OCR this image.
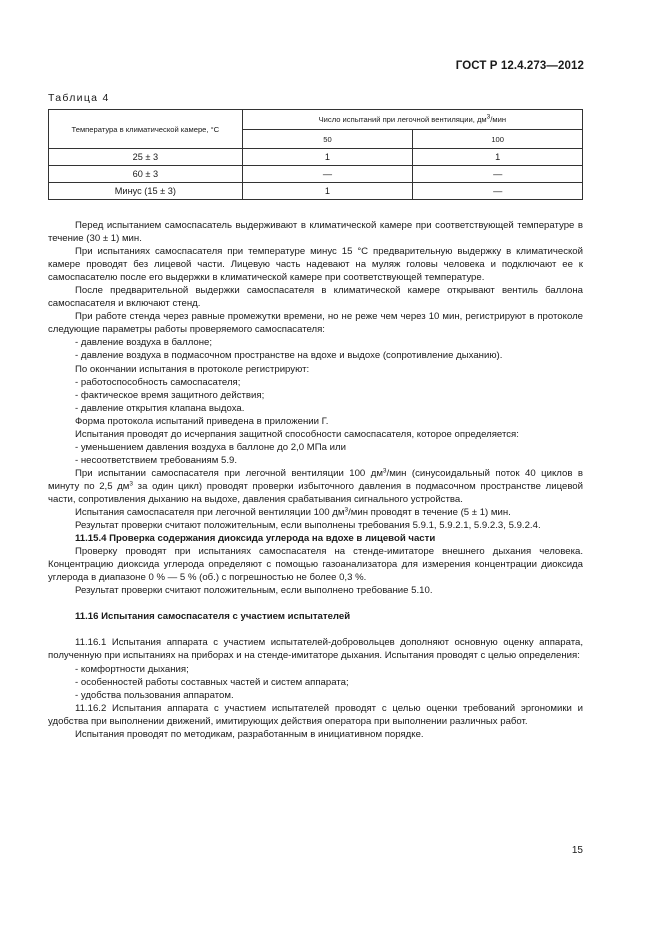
ГОСТ Р 12.4.273—2012
Таблица 4
Температура в климатической камере, °С	Число испытаний при легочной вентиляции, $дм^3$/мин	
	50	100
25 ± 3	1	1
60 ± 3	—	—
Минус (15 ± 3)	1	—

Перед испытанием самоспасатель выдерживают в климатической камере при соответствующей температуре в течение (30 ± 1) мин.

При испытаниях самоспасателя при температуре минус 15 °С предварительную выдержку в климатической камере проводят без лицевой части. Лицевую часть надевают на муляж головы человека и подключают ее к самоспасателю после его выдержки в климатической камере при соответствующей температуре.

После предварительной выдержки самоспасателя в климатической камере открывают вентиль баллона самоспасателя и включают стенд.

При работе стенда через равные промежутки времени, но не реже чем через 10 мин, регистрируют в протоколе следующие параметры работы проверяемого самоспасателя:

- давление воздуха в баллоне;

- давление воздуха в подмасочном пространстве на вдохе и выдохе (сопротивление дыханию).

По окончании испытания в протоколе регистрируют:

- работоспособность самоспасателя;

- фактическое время защитного действия;

- давление открытия клапана выдоха.

Форма протокола испытаний приведена в приложении Г.

Испытания проводят до исчерпания защитной способности самоспасателя, которое определяется:

- уменьшением давления воздуха в баллоне до 2,0 МПа или

- несоответствием требованиям 5.9.

При испытании самоспасателя при легочной вентиляции 100 $дм^3$/мин (синусоидальный поток 40 циклов в минуту по 2,5 $дм^3$ за один цикл) проводят проверки избыточного давления в подмасочном пространстве лицевой части, сопротивления дыханию на выдохе, давления срабатывания сигнального устройства.

Испытания самоспасателя при легочной вентиляции 100 $дм^3$/мин проводят в течение (5 ± 1) мин.

Результат проверки считают положительным, если выполнены требования 5.9.1, 5.9.2.1, 5.9.2.3, 5.9.2.4.

11.15.4 Проверка содержания диоксида углерода на вдохе в лицевой части

Проверку проводят при испытаниях самоспасателя на стенде-имитаторе внешнего дыхания человека. Концентрацию диоксида углерода определяют с помощью газоанализатора для измерения концентрации диоксида углерода в диапазоне 0 % — 5 % (об.) с погрешностью не более 0,3 %.

Результат проверки считают положительным, если выполнено требование 5.10.

11.16 Испытания самоспасателя с участием испытателей

11.16.1 Испытания аппарата с участием испытателей-добровольцев дополняют основную оценку аппарата, полученную при испытаниях на приборах и на стенде-имитаторе дыхания. Испытания проводят с целью определения:

- комфортности дыхания;

- особенностей работы составных частей и систем аппарата;

- удобства пользования аппаратом.

11.16.2 Испытания аппарата с участием испытателей проводят с целью оценки требований эргономики и удобства при выполнении движений, имитирующих действия оператора при выполнении различных работ.

Испытания проводят по методикам, разработанным в инициативном порядке.

15
